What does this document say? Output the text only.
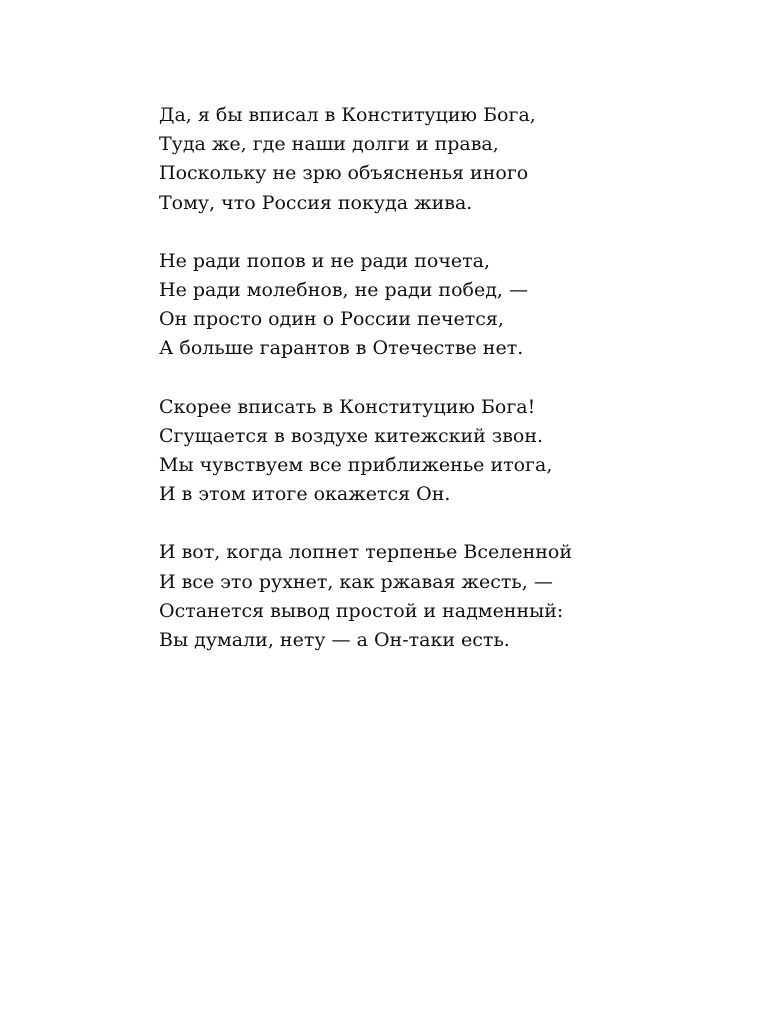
Да, я бы вписал в Конституцию Бога,
Туда же, где наши долги и права,
Поскольку не зрю объясненья иного
Тому, что Россия покуда жива.
Не ради попов и не ради почета,
Не ради молебнов, не ради побед, —
Он просто один о России печется,
А больше гарантов в Отечестве нет.
Скорее вписать в Конституцию Бога!
Сгущается в воздухе китежский звон.
Мы чувствуем все приближенье итога,
И в этом итоге окажется Он.
И вот, когда лопнет терпенье Вселенной
И все это рухнет, как ржавая жесть, —
Останется вывод простой и надменный:
Вы думали, нету — а Он-таки есть.
